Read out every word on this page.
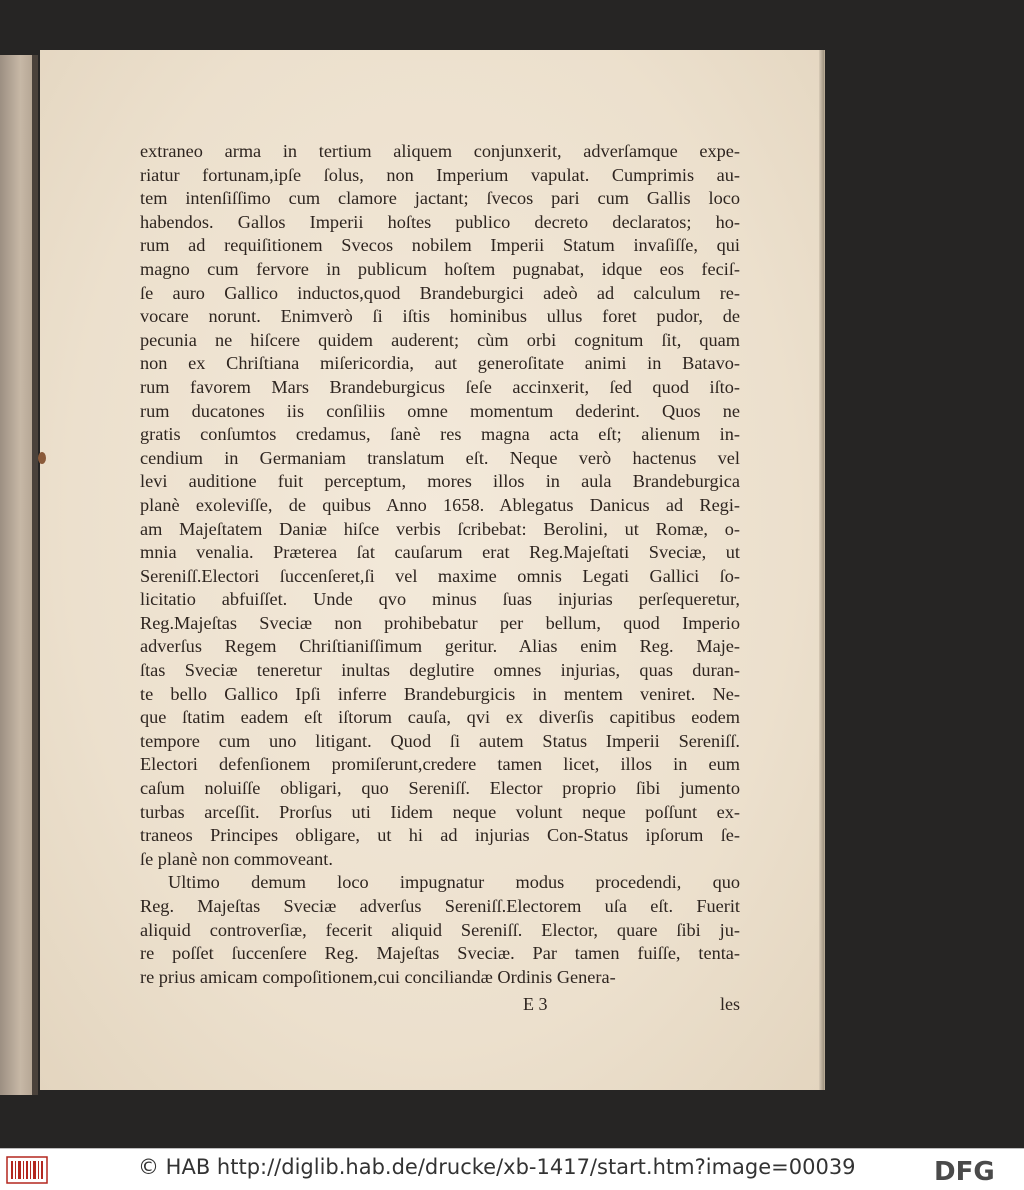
extraneo arma in tertium aliquem conjunxerit, adverſamque expe-
riatur fortunam,ipſe ſolus, non Imperium vapulat. Cumprimis au-
tem intenſiſſimo cum clamore jactant; ſvecos pari cum Gallis loco
habendos. Gallos Imperii hoſtes publico decreto declaratos; ho-
rum ad requiſitionem Svecos nobilem Imperii Statum invaſiſſe, qui
magno cum fervore in publicum hoſtem pugnabat, idque eos feciſ-
ſe auro Gallico inductos,quod Brandeburgici adeò ad calculum re-
vocare norunt. Enimverò ſi iſtis hominibus ullus foret pudor, de
pecunia ne hiſcere quidem auderent; cùm orbi cognitum ſit, quam
non ex Chriſtiana miſericordia, aut generoſitate animi in Batavo-
rum favorem Mars Brandeburgicus ſeſe accinxerit, ſed quod iſto-
rum ducatones iis conſiliis omne momentum dederint. Quos ne
gratis conſumtos credamus, ſanè res magna acta eſt; alienum in-
cendium in Germaniam translatum eſt. Neque verò hactenus vel
levi auditione fuit perceptum, mores illos in aula Brandeburgica
planè exoleviſſe, de quibus Anno 1658. Ablegatus Danicus ad Regi-
am Majeſtatem Daniæ hiſce verbis ſcribebat: Berolini, ut Romæ, o-
mnia venalia. Præterea ſat cauſarum erat Reg.Majeſtati Sveciæ, ut
Sereniſſ.Electori ſuccenſeret,ſi vel maxime omnis Legati Gallici ſo-
licitatio abfuiſſet. Unde qvo minus ſuas injurias perſequeretur,
Reg.Majeſtas Sveciæ non prohibebatur per bellum, quod Imperio
adverſus Regem Chriſtianiſſimum geritur. Alias enim Reg. Maje-
ſtas Sveciæ teneretur inultas deglutire omnes injurias, quas duran-
te bello Gallico Ipſi inferre Brandeburgicis in mentem veniret. Ne-
que ſtatim eadem eſt iſtorum cauſa, qvi ex diverſis capitibus eodem
tempore cum uno litigant. Quod ſi autem Status Imperii Sereniſſ.
Electori defenſionem promiſerunt,credere tamen licet, illos in eum
caſum noluiſſe obligari, quo Sereniſſ. Elector proprio ſibi jumento
turbas arceſſit. Prorſus uti Iidem neque volunt neque poſſunt ex-
traneos Principes obligare, ut hi ad injurias Con-Status ipſorum ſe-
ſe planè non commoveant.
Ultimo demum loco impugnatur modus procedendi, quo
Reg. Majeſtas Sveciæ adverſus Sereniſſ.Electorem uſa eſt. Fuerit
aliquid controverſiæ, fecerit aliquid Sereniſſ. Elector, quare ſibi ju-
re poſſet ſuccenſere Reg. Majeſtas Sveciæ. Par tamen fuiſſe, tenta-
re prius amicam compoſitionem,cui conciliandæ Ordinis Genera-
E 3	les
© HAB http://diglib.hab.de/drucke/xb-1417/start.htm?image=00039	DFG
